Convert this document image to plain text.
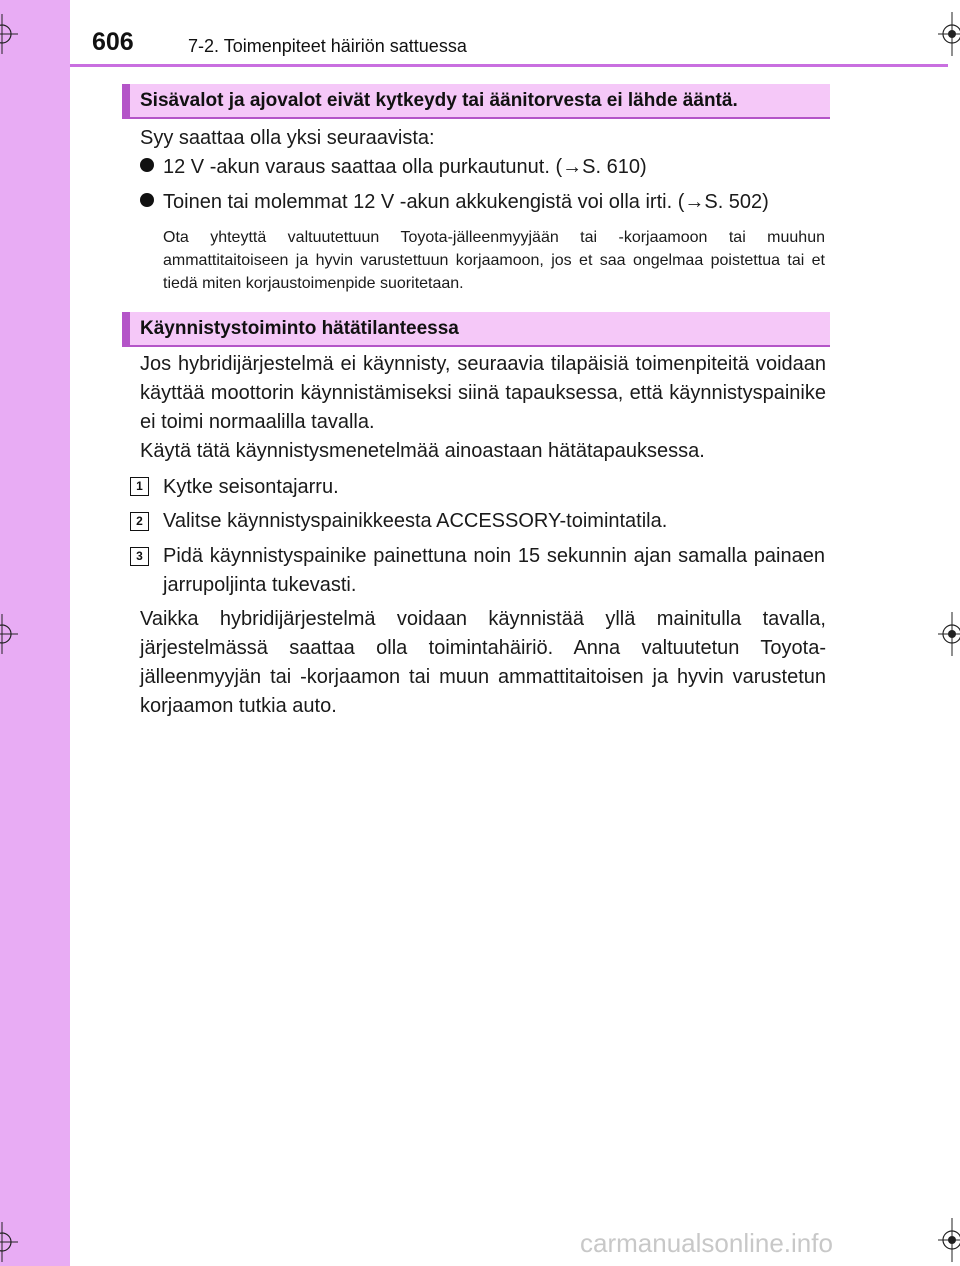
606	7-2. Toimenpiteet häiriön sattuessa
Sisävalot ja ajovalot eivät kytkeydy tai äänitorvesta ei lähde ääntä.
Syy saattaa olla yksi seuraavista:
12 V -akun varaus saattaa olla purkautunut. (→S. 610)
Toinen tai molemmat 12 V -akun akkukengistä voi olla irti. (→S. 502)
Ota yhteyttä valtuutettuun Toyota-jälleenmyyjään tai -korjaamoon tai muuhun ammattitaitoiseen ja hyvin varustettuun korjaamoon, jos et saa ongelmaa poistettua tai et tiedä miten korjaustoimenpide suoritetaan.
Käynnistystoiminto hätätilanteessa
Jos hybridijärjestelmä ei käynnisty, seuraavia tilapäisiä toimenpiteitä voidaan käyttää moottorin käynnistämiseksi siinä tapauksessa, että käynnistyspainike ei toimi normaalilla tavalla.
Käytä tätä käynnistysmenetelmää ainoastaan hätätapauksessa.
1	Kytke seisontajarru.
2	Valitse käynnistyspainikkeesta ACCESSORY-toimintatila.
3	Pidä käynnistyspainike painettuna noin 15 sekunnin ajan samalla painaen jarrupoljinta tukevasti.
Vaikka hybridijärjestelmä voidaan käynnistää yllä mainitulla tavalla, järjestelmässä saattaa olla toimintahäiriö. Anna valtuutetun Toyota-jälleenmyyjän tai -korjaamon tai muun ammattitaitoisen ja hyvin varustetun korjaamon tutkia auto.
carmanualsonline.info
